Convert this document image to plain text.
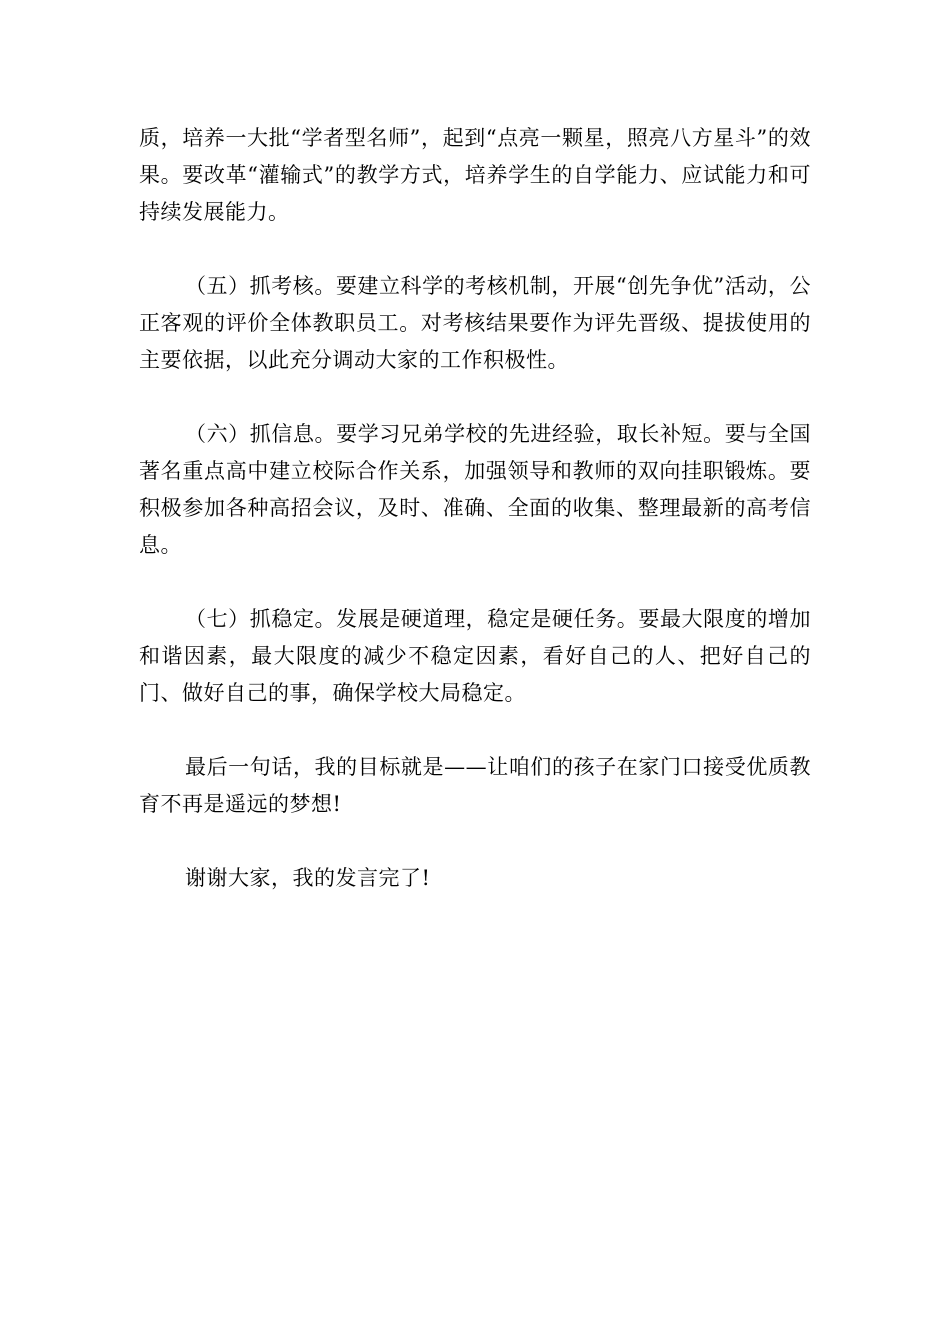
质，培养一大批“学者型名师”，起到“点亮一颗星，照亮八方星斗”的效果。要改革“灌输式”的教学方式，培养学生的自学能力、应试能力和可持续发展能力。

（五）抓考核。要建立科学的考核机制，开展“创先争优”活动，公正客观的评价全体教职员工。对考核结果要作为评先晋级、提拔使用的主要依据，以此充分调动大家的工作积极性。

（六）抓信息。要学习兄弟学校的先进经验，取长补短。要与全国著名重点高中建立校际合作关系，加强领导和教师的双向挂职锻炼。要积极参加各种高招会议，及时、准确、全面的收集、整理最新的高考信息。

（七）抓稳定。发展是硬道理，稳定是硬任务。要最大限度的增加和谐因素，最大限度的减少不稳定因素，看好自己的人、把好自己的门、做好自己的事，确保学校大局稳定。

最后一句话，我的目标就是——让咱们的孩子在家门口接受优质教育不再是遥远的梦想!

谢谢大家，我的发言完了!
